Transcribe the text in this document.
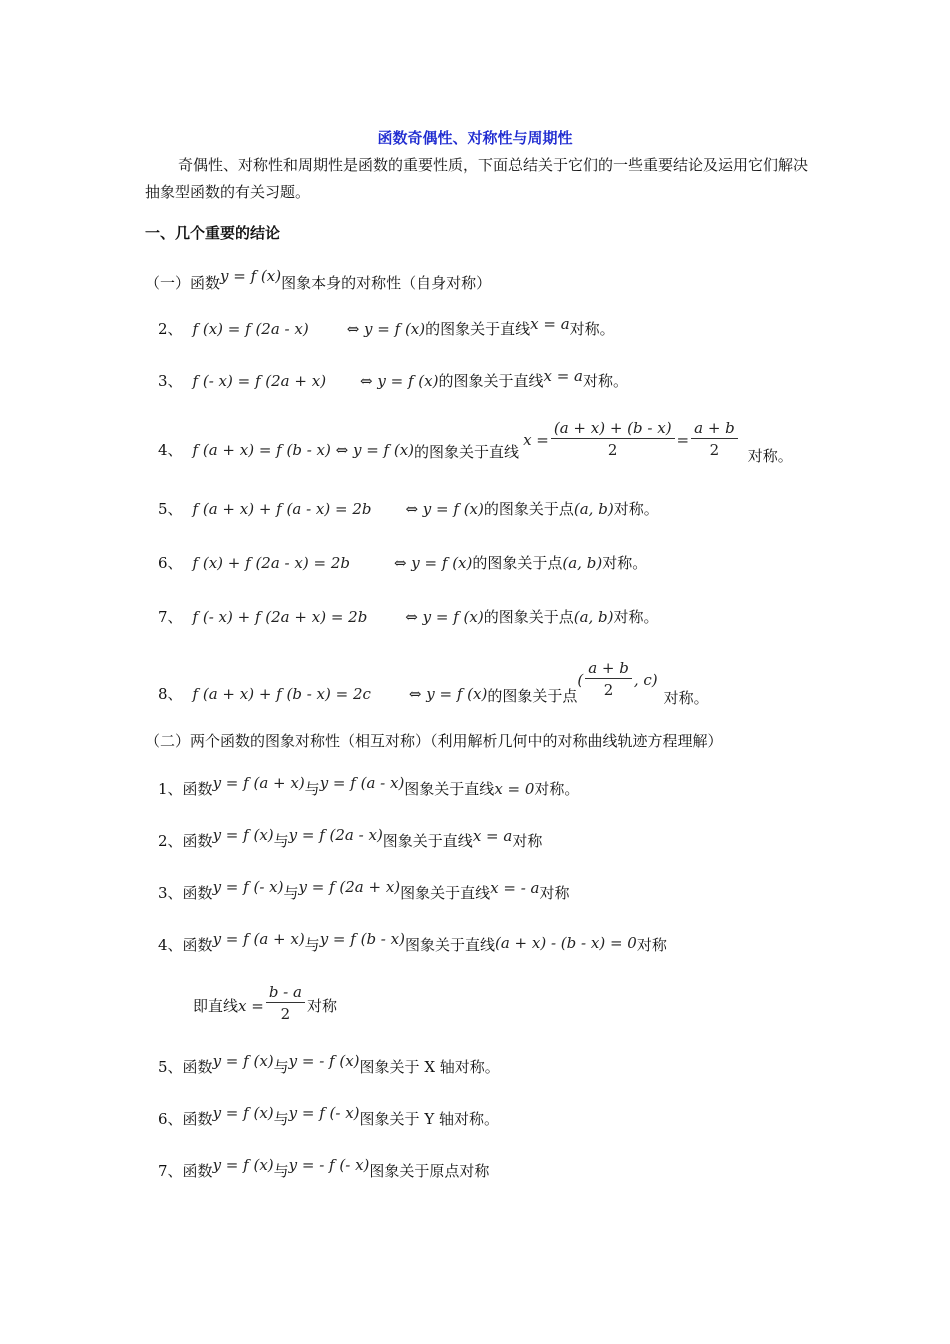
函数奇偶性、对称性与周期性
奇偶性、对称性和周期性是函数的重要性质，下面总结关于它们的一些重要结论及运用它们解决抽象型函数的有关习题。
一、几个重要的结论
（一）函数 y = f (x) 图象本身的对称性（自身对称）
2、 f (x) = f (2a - x)	⇔ y = f (x) 的图象关于直线 x = a 对称。
3、 f (- x) = f (2a + x) ⇔ y = f (x) 的图象关于直线 x = a 对称。
4、 f (a + x) = f (b - x) ⇔ y = f (x) 的图象关于直线
$x = \frac{(a + x) + (b - x)}{2} = \frac{a + b}{2}$ 对称。
5、 f (a + x) + f (a - x) = 2b ⇔ y = f (x) 的图象关于点 (a, b) 对称。
6、 f (x) + f (2a - x) = 2b	⇔ y = f (x) 的图象关于点 (a, b) 对称。
7、 f (- x) + f (2a + x) = 2b	⇔ y = f (x) 的图象关于点 (a, b) 对称。
8、 f (a + x) + f (b - x) = 2c	⇔ y = f (x) 的图象关于点
( $\frac{a + b}{2}$ , c)
对称。
（二）两个函数的图象对称性（相互对称）（利用解析几何中的对称曲线轨迹方程理解）
1、 函数 y = f (a + x) 与 y = f (a - x) 图象关于直线 x = 0 对称。
2、 函数 y = f (x) 与 y = f (2a - x) 图象关于直线 x = a 对称
3、 函数 y = f (- x) 与 y = f (2a + x) 图象关于直线 x = - a 对称
4、 函数 y = f (a + x) 与 y = f (b - x) 图象关于直线 (a + x) - (b - x) = 0 对称
即直线 $x = \frac{b - a}{2}$ 对称
5、 函数 y = f (x) 与 y = - f (x) 图象关于 X 轴对称。
6、 函数 y = f (x) 与 y = f (- x) 图象关于 Y 轴对称。
7、 函数 y = f (x) 与 y = - f (- x) 图象关于原点对称
